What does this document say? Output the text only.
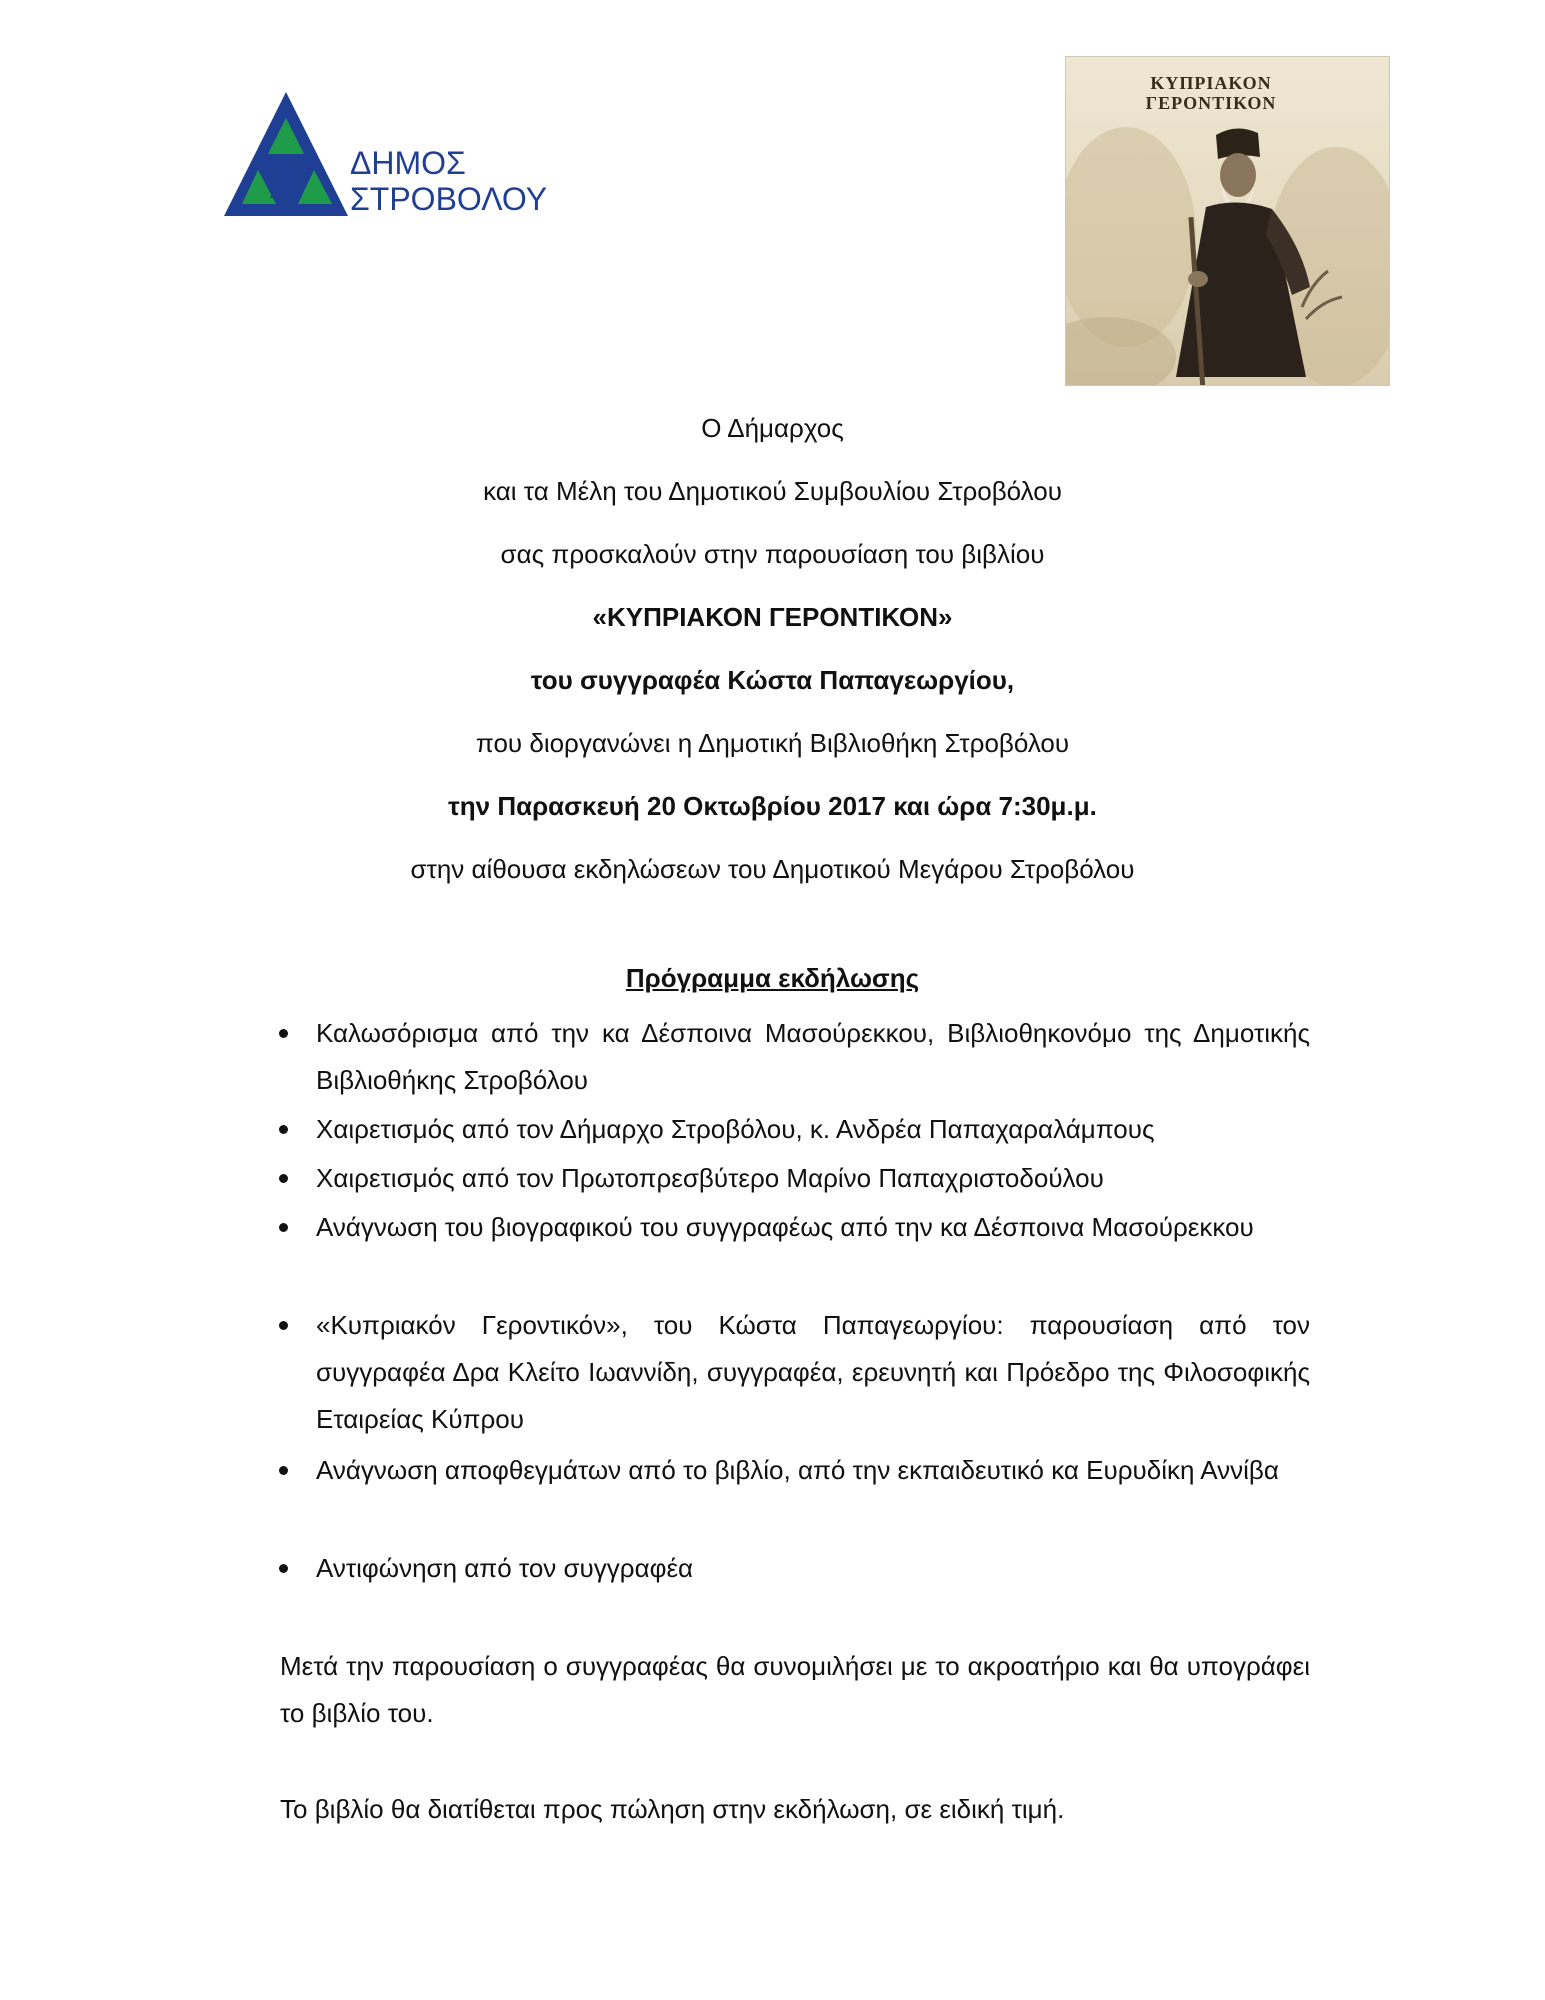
ΔΗΜΟΣ
ΣΤΡΟΒΟΛΟΥ
ΚΥΠΡΙΑΚΟΝ
ΓΕΡΟΝΤΙΚΟΝ
Ο Δήμαρχος
και τα Μέλη του Δημοτικού Συμβουλίου Στροβόλου
σας προσκαλούν στην παρουσίαση του βιβλίου
«ΚΥΠΡΙΑΚΟΝ ΓΕΡΟΝΤΙΚΟΝ»
του συγγραφέα Κώστα Παπαγεωργίου,
που διοργανώνει η Δημοτική Βιβλιοθήκη Στροβόλου
την Παρασκευή 20 Οκτωβρίου 2017 και ώρα 7:30μ.μ.
στην αίθουσα εκδηλώσεων του Δημοτικού Μεγάρου Στροβόλου
Πρόγραμμα εκδήλωσης
Καλωσόρισμα από την κα Δέσποινα Μασούρεκκου, Βιβλιοθηκονόμο της Δημοτικής Βιβλιοθήκης Στροβόλου
Χαιρετισμός από τον Δήμαρχο Στροβόλου, κ. Ανδρέα Παπαχαραλάμπους
Χαιρετισμός από τον Πρωτοπρεσβύτερο Μαρίνο Παπαχριστοδούλου
Ανάγνωση του βιογραφικού του συγγραφέως από την κα Δέσποινα Μασούρεκκου
«Κυπριακόν Γεροντικόν», του Κώστα Παπαγεωργίου: παρουσίαση από τον συγγραφέα Δρα Κλείτο Ιωαννίδη, συγγραφέα, ερευνητή και Πρόεδρο της Φιλοσοφικής Εταιρείας Κύπρου
Ανάγνωση αποφθεγμάτων από το βιβλίο, από την εκπαιδευτικό κα Ευρυδίκη Αννίβα
Αντιφώνηση από τον συγγραφέα
Μετά την παρουσίαση ο συγγραφέας θα συνομιλήσει με το ακροατήριο και θα υπογράφει το βιβλίο του.
Το βιβλίο θα διατίθεται προς πώληση στην εκδήλωση, σε ειδική τιμή.
